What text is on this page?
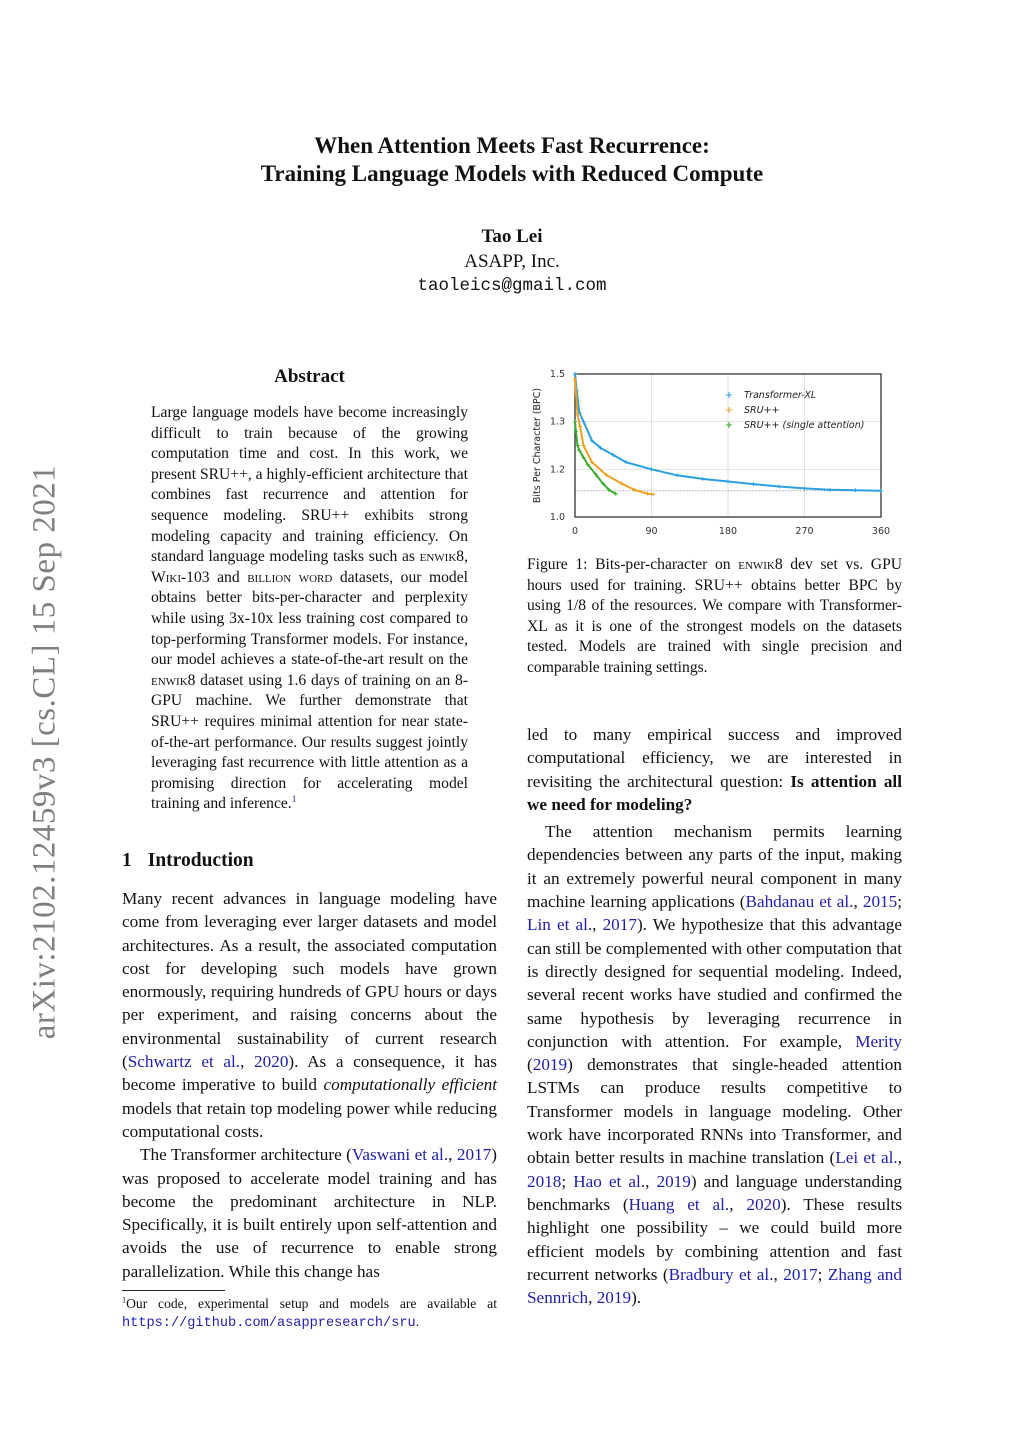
When Attention Meets Fast Recurrence:
Training Language Models with Reduced Compute
Tao Lei
ASAPP, Inc.
taoleics@gmail.com
arXiv:2102.12459v3 [cs.CL] 15 Sep 2021
Abstract

Large language models have become increasingly difficult to train because of the growing computation time and cost. In this work, we present SRU++, a highly-efficient architecture that combines fast recurrence and attention for sequence modeling. SRU++ exhibits strong modeling capacity and training efficiency. On standard language modeling tasks such as enwik8, Wiki-103 and billion word datasets, our model obtains better bits-per-character and perplexity while using 3x-10x less training cost compared to top-performing Transformer models. For instance, our model achieves a state-of-the-art result on the enwik8 dataset using 1.6 days of training on an 8-GPU machine. We further demonstrate that SRU++ requires minimal attention for near state-of-the-art performance. Our results suggest jointly leveraging fast recurrence with little attention as a promising direction for accelerating model training and inference.$^1$

1 Introduction

Many recent advances in language modeling have come from leveraging ever larger datasets and model architectures. As a result, the associated computation cost for developing such models have grown enormously, requiring hundreds of GPU hours or days per experiment, and raising concerns about the environmental sustainability of current research (Schwartz et al., 2020). As a consequence, it has become imperative to build computationally efficient models that retain top modeling power while reducing computational costs.

The Transformer architecture (Vaswani et al., 2017) was proposed to accelerate model training and has become the predominant architecture in NLP. Specifically, it is built entirely upon self-attention and avoids the use of recurrence to enable strong parallelization. While this change has

$^1$Our code, experimental setup and models are available at https://github.com/asappresearch/sru.
0	90	180	270	360
1.5
1.3
1.2
1.0
Bits Per Character (BPC)	Transformer-XL
SRU++
SRU++ (single attention)

Figure 1: Bits-per-character on enwik8 dev set vs. GPU hours used for training. SRU++ obtains better BPC by using 1/8 of the resources. We compare with Transformer-XL as it is one of the strongest models on the datasets tested. Models are trained with single precision and comparable training settings.

led to many empirical success and improved computational efficiency, we are interested in revisiting the architectural question: Is attention all we need for modeling?

The attention mechanism permits learning dependencies between any parts of the input, making it an extremely powerful neural component in many machine learning applications (Bahdanau et al., 2015; Lin et al., 2017). We hypothesize that this advantage can still be complemented with other computation that is directly designed for sequential modeling. Indeed, several recent works have studied and confirmed the same hypothesis by leveraging recurrence in conjunction with attention. For example, Merity (2019) demonstrates that single-headed attention LSTMs can produce results competitive to Transformer models in language modeling. Other work have incorporated RNNs into Transformer, and obtain better results in machine translation (Lei et al., 2018; Hao et al., 2019) and language understanding benchmarks (Huang et al., 2020). These results highlight one possibility – we could build more efficient models by combining attention and fast recurrent networks (Bradbury et al., 2017; Zhang and Sennrich, 2019).
